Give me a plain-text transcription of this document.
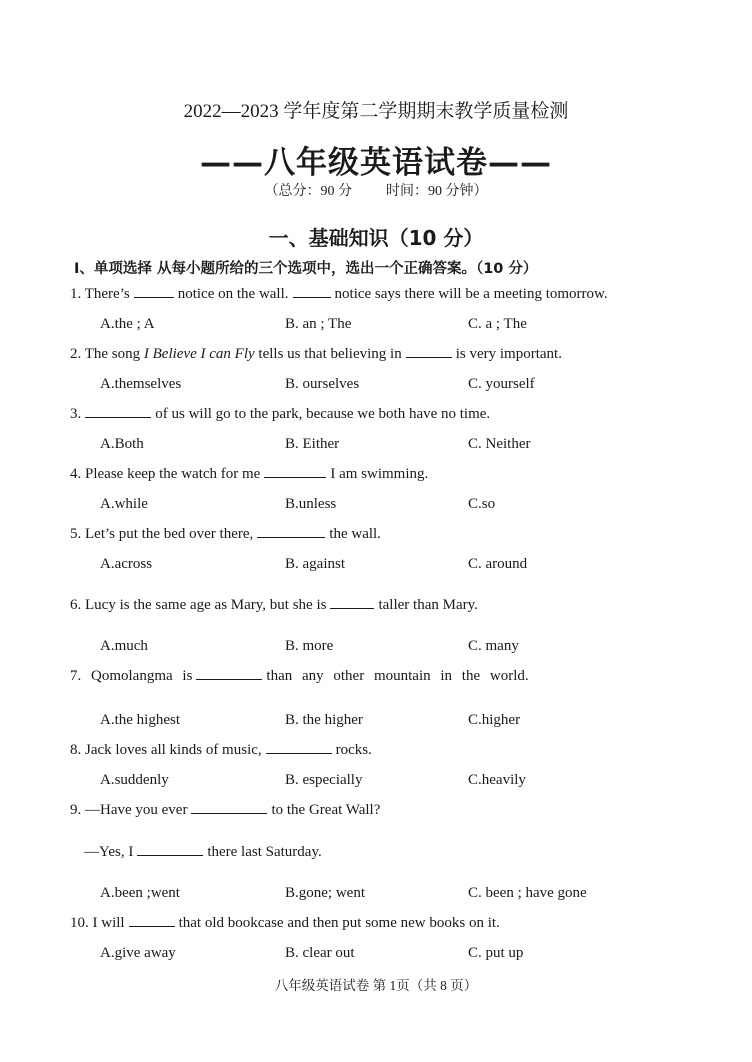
2022—2023 学年度第二学期期末教学质量检测
——八年级英语试卷——
（总分：90 分 时间：90 分钟）
一、基础知识（10 分）
Ⅰ、单项选择 从每小题所给的三个选项中，选出一个正确答案。（10 分）
1. There’s	notice on the wall.	notice says there will be a meeting tomorrow.
A.the ; A	B. an ; The	C. a ; The
2. The song I Believe I can Fly tells us that believing in	is very important.
A.themselves	B. ourselves	C. yourself
3.	of us will go to the park, because we both have no time.
A.Both	B. Either	C. Neither
4. Please keep the watch for me	I am swimming.
A.while	B.unless	C.so
5. Let’s put the bed over there,	the wall.
A.across	B. against	C. around
6. Lucy is the same age as Mary, but she is	taller than Mary.
A.much	B. more	C. many
7. Qomolangma is	than any other mountain in the world.
A.the highest	B. the higher	C.higher
8. Jack loves all kinds of music,	rocks.
A.suddenly	B. especially	C.heavily
9. —Have you ever	to the Great Wall?
—Yes, I	there last Saturday.
A.been ;went	B.gone; went	C. been ; have gone
10. I will	that old bookcase and then put some new books on it.
A.give away	B. clear out	C. put up
八年级英语试卷 第 1页（共 8 页）
